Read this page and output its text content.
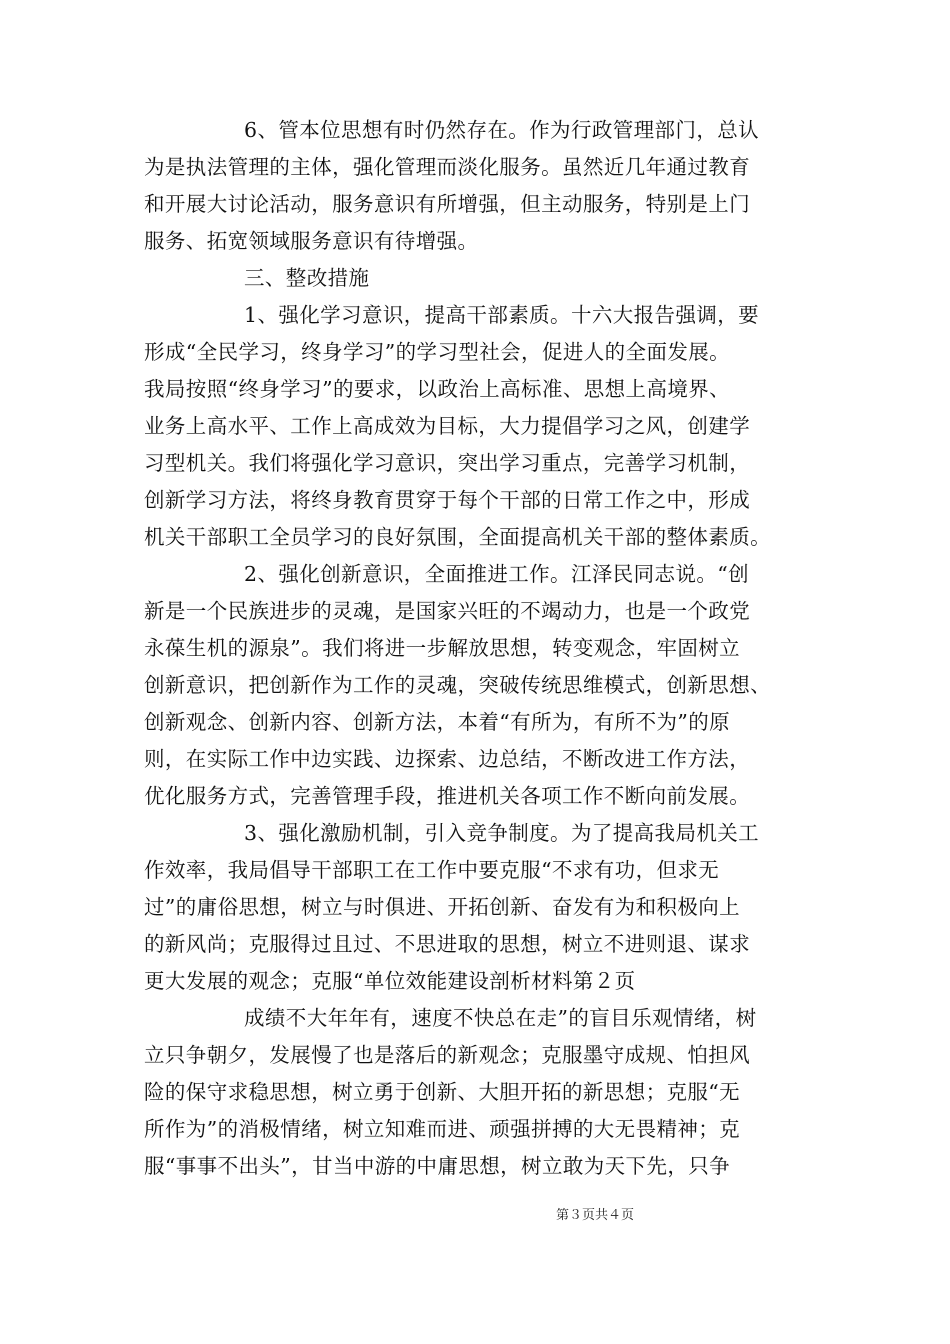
6、管本位思想有时仍然存在。作为行政管理部门，总认
为是执法管理的主体，强化管理而淡化服务。虽然近几年通过教育
和开展大讨论活动，服务意识有所增强，但主动服务，特别是上门
服务、拓宽领域服务意识有待增强。
三、整改措施
1、强化学习意识，提高干部素质。十六大报告强调，要
形成“全民学习，终身学习”的学习型社会，促进人的全面发展。
我局按照“终身学习”的要求，以政治上高标准、思想上高境界、
业务上高水平、工作上高成效为目标，大力提倡学习之风，创建学
习型机关。我们将强化学习意识，突出学习重点，完善学习机制，
创新学习方法，将终身教育贯穿于每个干部的日常工作之中，形成
机关干部职工全员学习的良好氛围，全面提高机关干部的整体素质。
2、强化创新意识，全面推进工作。江泽民同志说。“创
新是一个民族进步的灵魂，是国家兴旺的不竭动力，也是一个政党
永葆生机的源泉”。我们将进一步解放思想，转变观念，牢固树立
创新意识，把创新作为工作的灵魂，突破传统思维模式，创新思想、
创新观念、创新内容、创新方法，本着“有所为，有所不为”的原
则，在实际工作中边实践、边探索、边总结，不断改进工作方法，
优化服务方式，完善管理手段，推进机关各项工作不断向前发展。
3、强化激励机制，引入竞争制度。为了提高我局机关工
作效率，我局倡导干部职工在工作中要克服“不求有功，但求无
过”的庸俗思想，树立与时俱进、开拓创新、奋发有为和积极向上
的新风尚；克服得过且过、不思进取的思想，树立不进则退、谋求
更大发展的观念；克服“单位效能建设剖析材料第２页
成绩不大年年有，速度不快总在走”的盲目乐观情绪，树
立只争朝夕，发展慢了也是落后的新观念；克服墨守成规、怕担风
险的保守求稳思想，树立勇于创新、大胆开拓的新思想；克服“无
所作为”的消极情绪，树立知难而进、顽强拼搏的大无畏精神；克
服“事事不出头”，甘当中游的中庸思想，树立敢为天下先，只争
第３页共４页
